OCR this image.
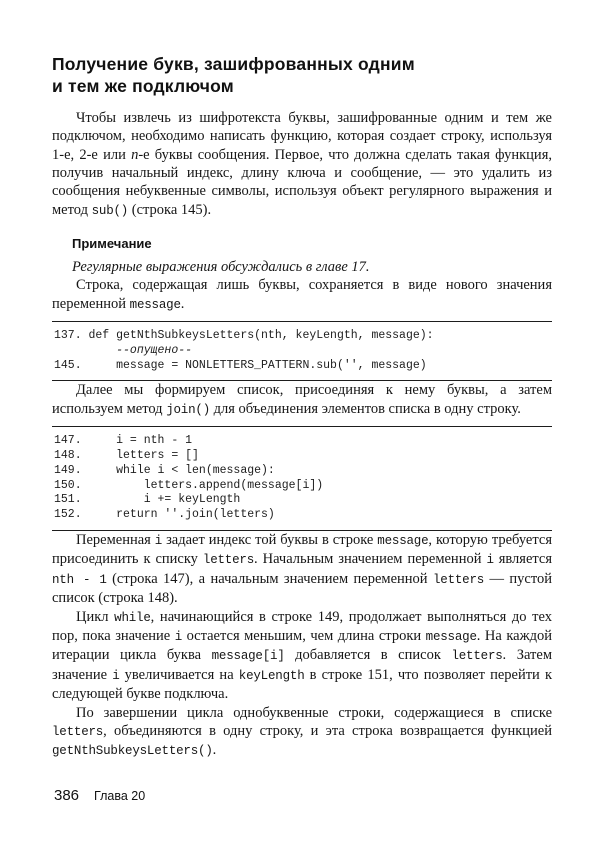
Получение букв, зашифрованных одним
и тем же подключом

Чтобы извлечь из шифротекста буквы, зашифрованные одним и тем же подключом, необходимо написать функцию, которая создает строку, используя 1-е, 2-е или n-е буквы сообщения. Первое, что должна сделать такая функция, получив начальный индекс, длину ключа и сообщение, — это удалить из сообщения небуквенные символы, используя объект регулярного выражения и метод sub() (строка 145).

Примечание
Регулярные выражения обсуждались в главе 17.

Строка, содержащая лишь буквы, сохраняется в виде нового значения переменной message.

137. def getNthSubkeysLetters(nth, keyLength, message):
--опущено--
145.     message = NONLETTERS_PATTERN.sub('', message)

Далее мы формируем список, присоединяя к нему буквы, а затем используем метод join() для объединения элементов списка в одну строку.

147.     i = nth - 1
148.     letters = []
149.     while i < len(message):
150.         letters.append(message[i])
151.         i += keyLength
152.     return ''.join(letters)

Переменная i задает индекс той буквы в строке message, которую требуется присоединить к списку letters. Начальным значением переменной i является nth - 1 (строка 147), а начальным значением переменной letters — пустой список (строка 148).

Цикл while, начинающийся в строке 149, продолжает выполняться до тех пор, пока значение i остается меньшим, чем длина строки message. На каждой итерации цикла буква message[i] добавляется в список letters. Затем значение i увеличивается на keyLength в строке 151, что позволяет перейти к следующей букве подключа.

По завершении цикла однобуквенные строки, содержащиеся в списке letters, объединяются в одну строку, и эта строка возвращается функцией getNthSubkeysLetters().

386 Глава 20
